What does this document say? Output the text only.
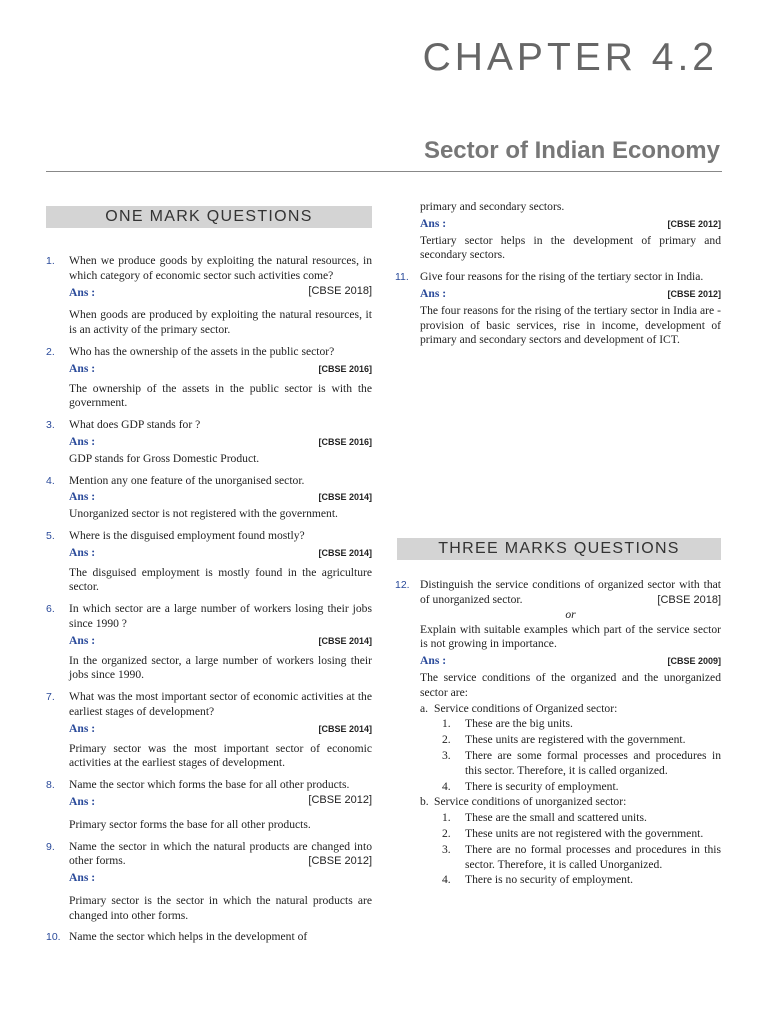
CHAPTER 4.2
Sector of Indian Economy
ONE MARK QUESTIONS
1. When we produce goods by exploiting the natural resources, in which category of economic sector such activities come?
[CBSE 2018]
Ans :
When goods are produced by exploiting the natural resources, it is an activity of the primary sector.
2. Who has the ownership of the assets in the public sector?
Ans :	[CBSE 2016]
The ownership of the assets in the public sector is with the government.
3. What does GDP stands for ?
Ans :	[CBSE 2016]
GDP stands for Gross Domestic Product.
4. Mention any one feature of the unorganised sector.
Ans :	[CBSE 2014]
Unorganized sector is not registered with the government.
5. Where is the disguised employment found mostly?
Ans :	[CBSE 2014]
The disguised employment is mostly found in the agriculture sector.
6. In which sector are a large number of workers losing their jobs since 1990 ?
Ans :	[CBSE 2014]
In the organized sector, a large number of workers losing their jobs since 1990.
7. What was the most important sector of economic activities at the earliest stages of development?
Ans :	[CBSE 2014]
Primary sector was the most important sector of economic activities at the earliest stages of development.
8. Name the sector which forms the base for all other products.
[CBSE 2012]
Ans :
Primary sector forms the base for all other products.
9. Name the sector in which the natural products are changed into other forms.	[CBSE 2012]
Ans :
Primary sector is the sector in which the natural products are changed into other forms.
10. Name the sector which helps in the development of
primary and secondary sectors.
Ans :	[CBSE 2012]
Tertiary sector helps in the development of primary and secondary sectors.
11. Give four reasons for the rising of the tertiary sector in India.
Ans :	[CBSE 2012]
The four reasons for the rising of the tertiary sector in India are - provision of basic services, rise in income, development of primary and secondary sectors and development of ICT.
THREE MARKS QUESTIONS
12. Distinguish the service conditions of organized sector with that of unorganized sector.	[CBSE 2018]
or
Explain with suitable examples which part of the service sector is not growing in importance.
Ans :	[CBSE 2009]
The service conditions of the organized and the unorganized sector are:
a. Service conditions of Organized sector:
1. These are the big units.
2. These units are registered with the government.
3. There are some formal processes and procedures in this sector. Therefore, it is called organized.
4. There is security of employment.
b. Service conditions of unorganized sector:
1. These are the small and scattered units.
2. These units are not registered with the government.
3. There are no formal processes and procedures in this sector. Therefore, it is called Unorganized.
4. There is no security of employment.
